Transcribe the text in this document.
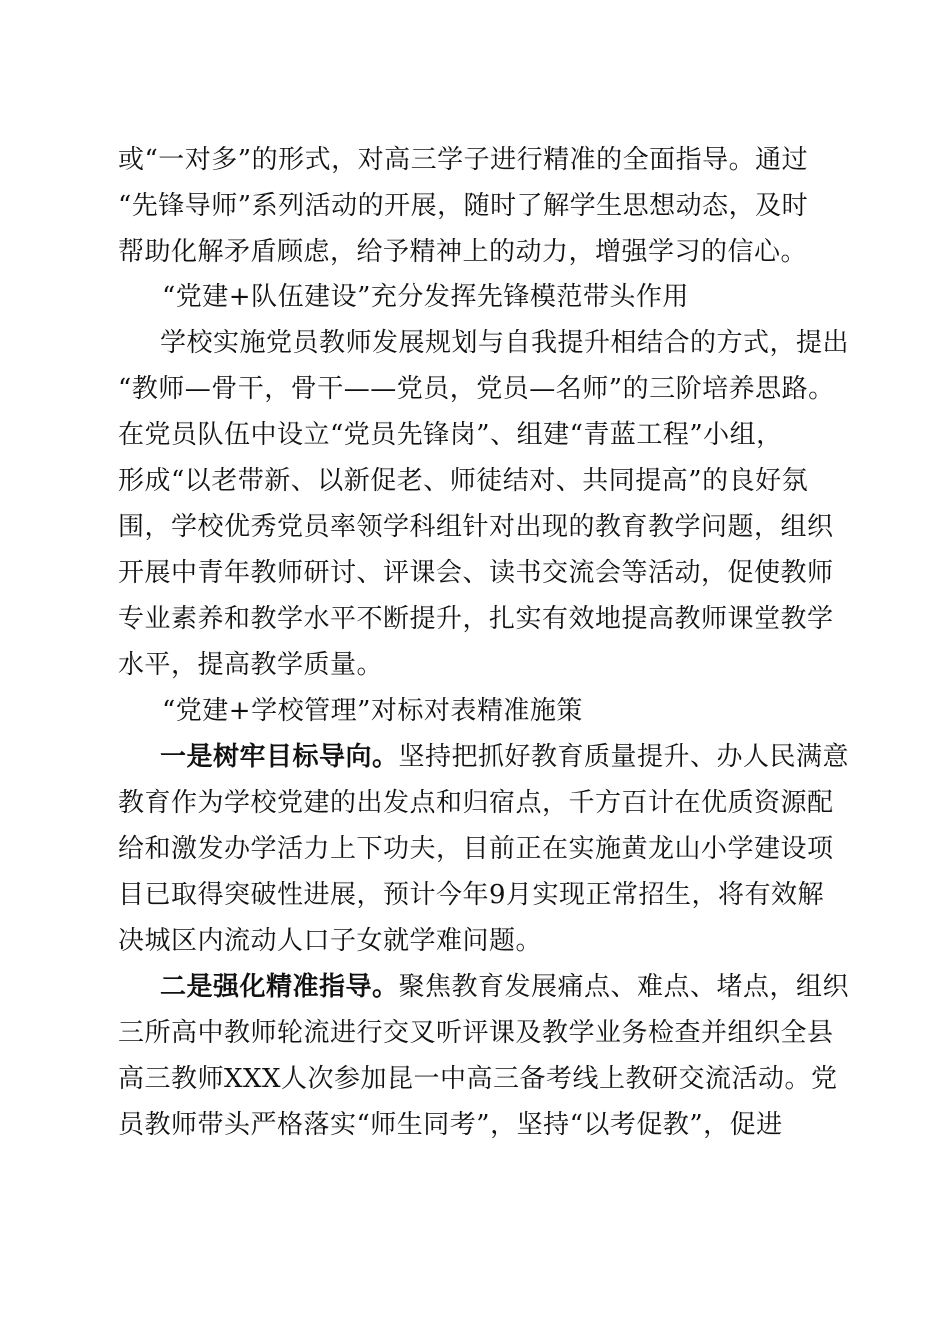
或“一对多”的形式，对高三学子进行精准的全面指导。通过
“先锋导师”系列活动的开展，随时了解学生思想动态，及时
帮助化解矛盾顾虑，给予精神上的动力，增强学习的信心。
“党建+队伍建设”充分发挥先锋模范带头作用
学校实施党员教师发展规划与自我提升相结合的方式，提出
“教师—骨干，骨干——党员，党员—名师”的三阶培养思路。
在党员队伍中设立“党员先锋岗”、组建“青蓝工程”小组，
形成“以老带新、以新促老、师徒结对、共同提高”的良好氛
围，学校优秀党员率领学科组针对出现的教育教学问题，组织
开展中青年教师研讨、评课会、读书交流会等活动，促使教师
专业素养和教学水平不断提升，扎实有效地提高教师课堂教学
水平，提高教学质量。
“党建+学校管理”对标对表精准施策
一是树牢目标导向。坚持把抓好教育质量提升、办人民满意
教育作为学校党建的出发点和归宿点，千方百计在优质资源配
给和激发办学活力上下功夫，目前正在实施黄龙山小学建设项
目已取得突破性进展，预计今年9月实现正常招生，将有效解
决城区内流动人口子女就学难问题。
二是强化精准指导。聚焦教育发展痛点、难点、堵点，组织
三所高中教师轮流进行交叉听评课及教学业务检查并组织全县
高三教师XXX人次参加昆一中高三备考线上教研交流活动。党
员教师带头严格落实“师生同考”，坚持“以考促教”，促进
